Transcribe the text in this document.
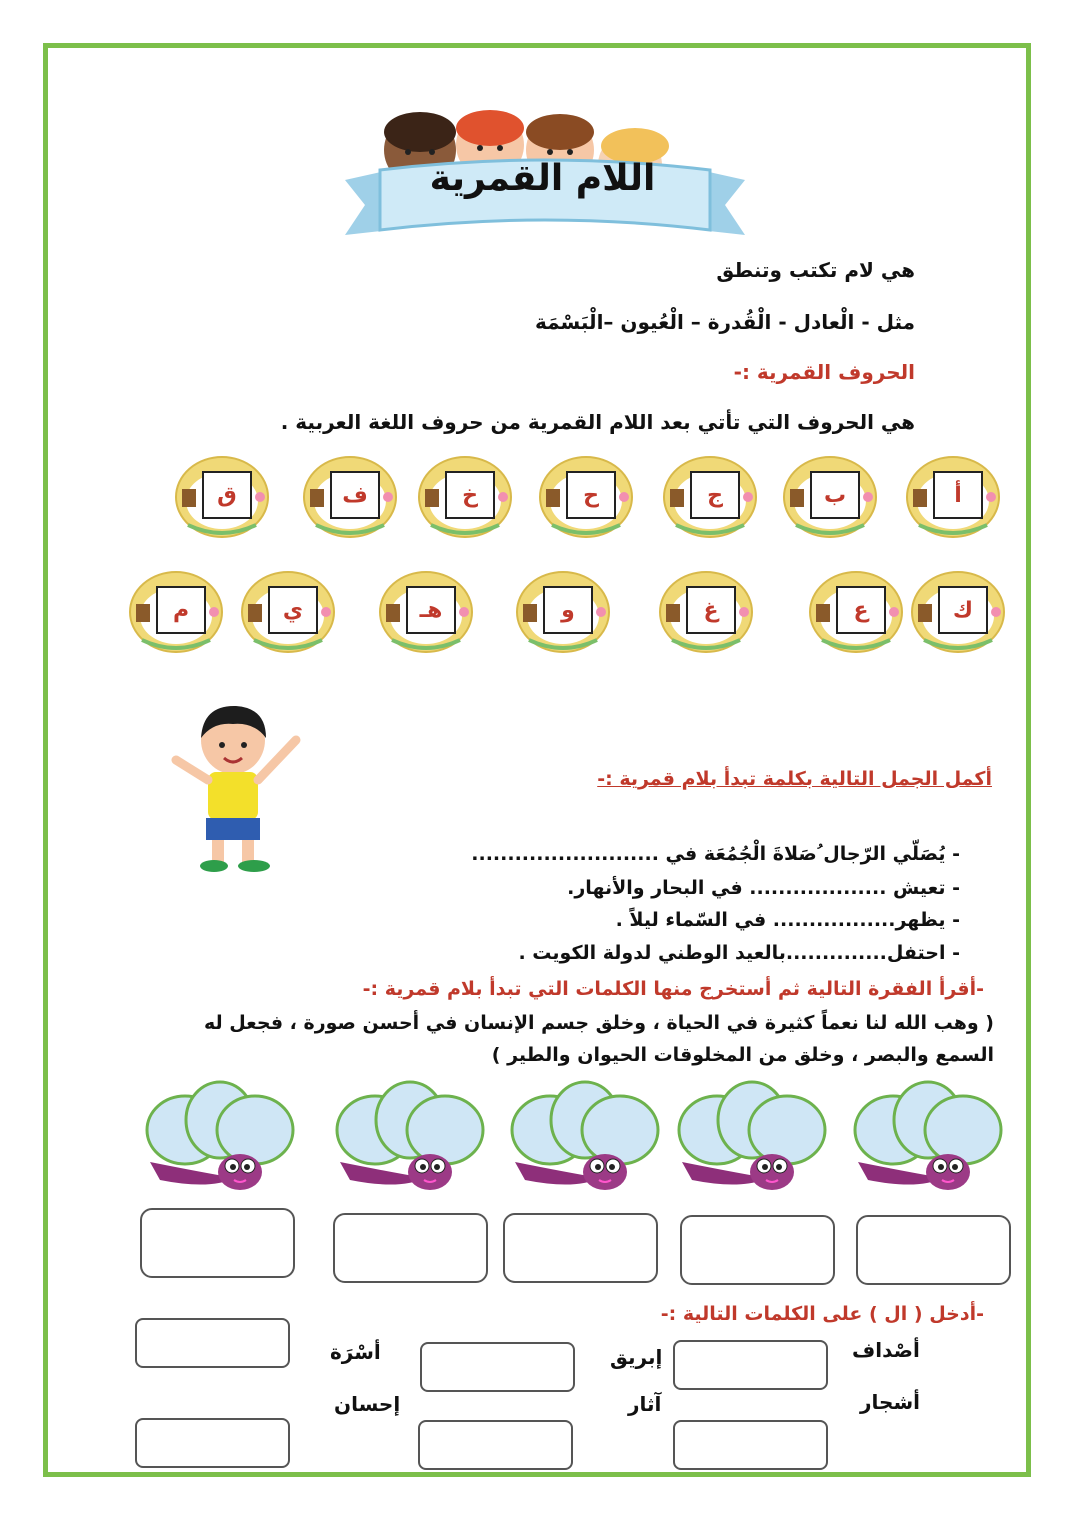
اللام القمرية
هي لام تكتب وتنطق
مثل - الْعادل - الْقُدرة – الْعُيون –الْبَسْمَة
الحروف القمرية :-
هي الحروف التي تأتي بعد اللام القمرية من حروف اللغة العربية .
أ
ب
ج
ح
خ
ف
ق
ك
ع
غ
و
هـ
ي
م
أكمل الجمل التالية بكلمة تبدأ بلام قمرية :-
- يُصَلّي الرّجال ُصَلاةَ الْجُمُعَة في ..........................
- تعيش ................... في البحار والأنهار.
- يظهر................. في السّماء ليلاً .
- احتفل..............بالعيد الوطني لدولة الكويت .
-أقرأ الفقرة التالية ثم أستخرج منها الكلمات التي تبدأ بلام قمرية :-
( وهب الله لنا نعماً كثيرة في الحياة ، وخلق جسم الإنسان في أحسن صورة ، فجعل له
السمع والبصر ، وخلق من المخلوقات الحيوان والطير )
-أدخل ( ال ) على الكلمات التالية :-
أصْداف
إبريق
أسْرَة
أشجار
آثار
إحسان
